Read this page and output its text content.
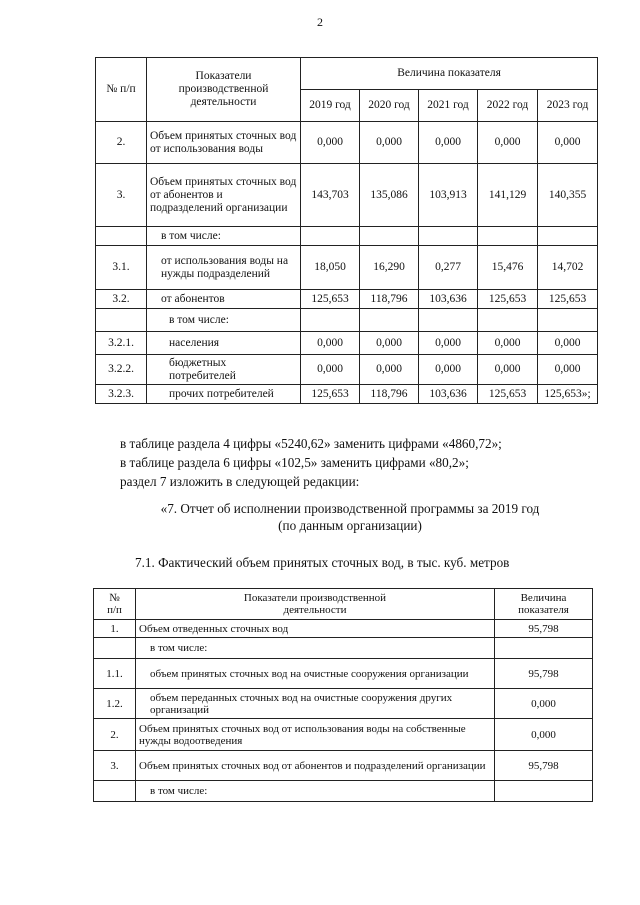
2
№ п/п	Показатели производственной деятельности	Величина показателя				
		2019 год	2020 год	2021 год	2022 год	2023 год
2.	Объем принятых сточных вод от использования воды	0,000	0,000	0,000	0,000	0,000
3.	Объем принятых сточных вод от абонентов и подразделений организации	143,703	135,086	103,913	141,129	140,355
	в том числе:					
3.1.	от использования воды на нужды подразделений	18,050	16,290	0,277	15,476	14,702
3.2.	от абонентов	125,653	118,796	103,636	125,653	125,653
	в том числе:					
3.2.1.	населения	0,000	0,000	0,000	0,000	0,000
3.2.2.	бюджетных потребителей	0,000	0,000	0,000	0,000	0,000
3.2.3.	прочих потребителей	125,653	118,796	103,636	125,653	125,653»;
в таблице раздела 4 цифры «5240,62» заменить цифрами «4860,72»;
в таблице раздела 6 цифры «102,5» заменить цифрами «80,2»;
раздел 7 изложить в следующей редакции:
«7. Отчет об исполнении производственной программы за 2019 год
(по данным организации)
7.1. Фактический объем принятых сточных вод, в тыс. куб. метров
№ п/п	Показатели производственной деятельности	Величина показателя
1.	Объем отведенных сточных вод	95,798
	в том числе:	
1.1.	объем принятых сточных вод на очистные сооружения организации	95,798
1.2.	объем переданных сточных вод на очистные сооружения других организаций	0,000
2.	Объем принятых сточных вод от использования воды на собственные нужды водоотведения	0,000
3.	Объем принятых сточных вод от абонентов и подразделений организации	95,798
	в том числе:	
